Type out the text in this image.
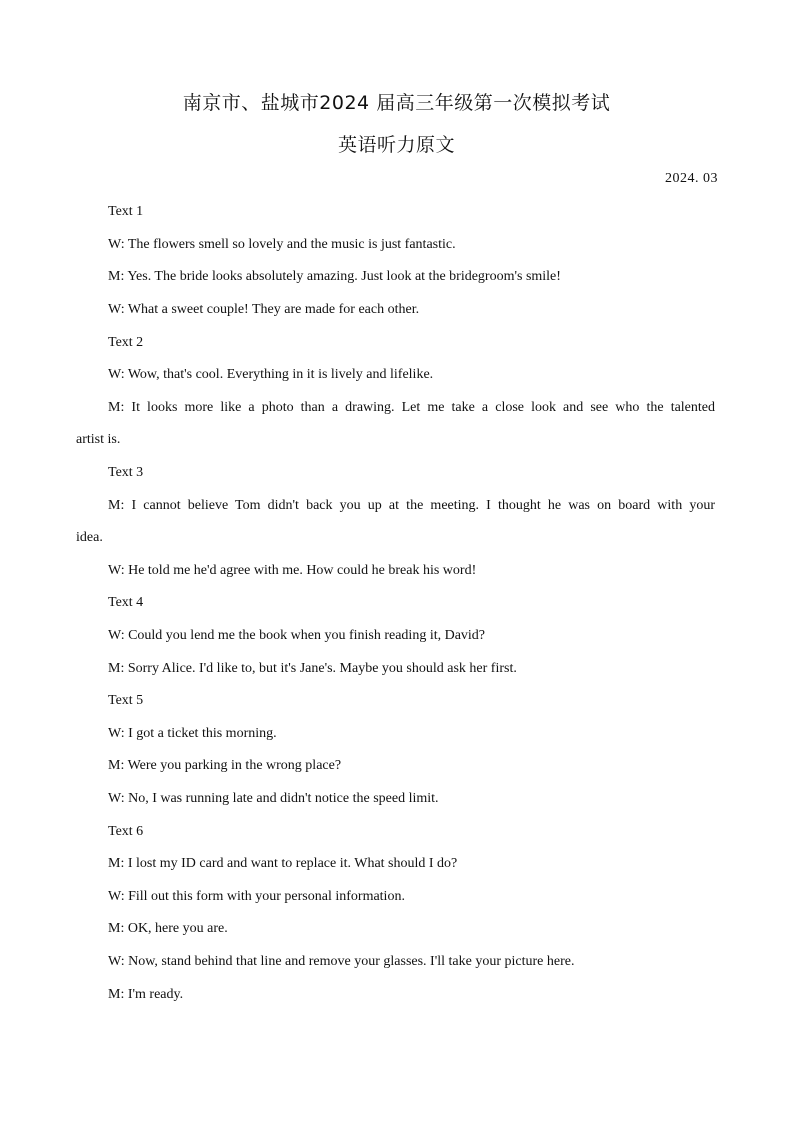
南京市、盐城市2024 届高三年级第一次模拟考试
英语听力原文
2024. 03
Text 1
W: The flowers smell so lovely and the music is just fantastic.
M: Yes. The bride looks absolutely amazing. Just look at the bridegroom's smile!
W: What a sweet couple! They are made for each other.
Text 2
W: Wow, that's cool. Everything in it is lively and lifelike.
M: It looks more like a photo than a drawing. Let me take a close look and see who the talented
artist is.
Text 3
M: I cannot believe Tom didn't back you up at the meeting. I thought he was on board with your
idea.
W: He told me he'd agree with me. How could he break his word!
Text 4
W: Could you lend me the book when you finish reading it, David?
M: Sorry Alice. I'd like to, but it's Jane's. Maybe you should ask her first.
Text 5
W: I got a ticket this morning.
M: Were you parking in the wrong place?
W: No, I was running late and didn't notice the speed limit.
Text 6
M: I lost my ID card and want to replace it. What should I do?
W: Fill out this form with your personal information.
M: OK, here you are.
W: Now, stand behind that line and remove your glasses. I'll take your picture here.
M: I'm ready.
